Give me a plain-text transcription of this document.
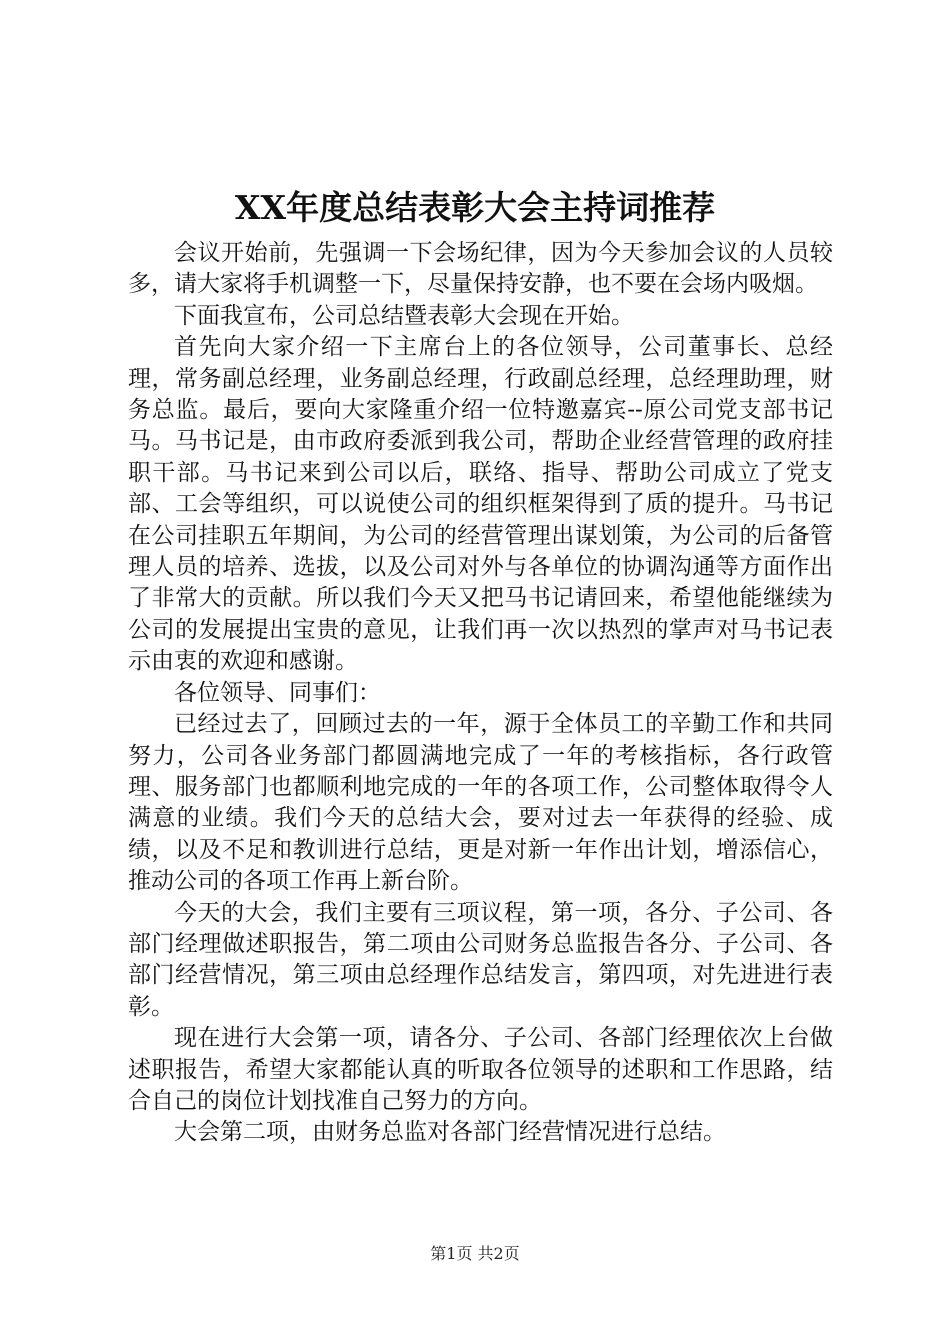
XX年度总结表彰大会主持词推荐

会议开始前，先强调一下会场纪律，因为今天参加会议的人员较多，请大家将手机调整一下，尽量保持安静，也不要在会场内吸烟。

下面我宣布，公司总结暨表彰大会现在开始。

首先向大家介绍一下主席台上的各位领导，公司董事长、总经理，常务副总经理，业务副总经理，行政副总经理，总经理助理，财务总监。最后，要向大家隆重介绍一位特邀嘉宾--原公司党支部书记马。马书记是，由市政府委派到我公司，帮助企业经营管理的政府挂职干部。马书记来到公司以后，联络、指导、帮助公司成立了党支部、工会等组织，可以说使公司的组织框架得到了质的提升。马书记在公司挂职五年期间，为公司的经营管理出谋划策，为公司的后备管理人员的培养、选拔，以及公司对外与各单位的协调沟通等方面作出了非常大的贡献。所以我们今天又把马书记请回来，希望他能继续为公司的发展提出宝贵的意见，让我们再一次以热烈的掌声对马书记表示由衷的欢迎和感谢。

各位领导、同事们：

已经过去了，回顾过去的一年，源于全体员工的辛勤工作和共同努力，公司各业务部门都圆满地完成了一年的考核指标，各行政管理、服务部门也都顺利地完成的一年的各项工作，公司整体取得令人满意的业绩。我们今天的总结大会，要对过去一年获得的经验、成绩，以及不足和教训进行总结，更是对新一年作出计划，增添信心，推动公司的各项工作再上新台阶。

今天的大会，我们主要有三项议程，第一项，各分、子公司、各部门经理做述职报告，第二项由公司财务总监报告各分、子公司、各部门经营情况，第三项由总经理作总结发言，第四项，对先进进行表彰。

现在进行大会第一项，请各分、子公司、各部门经理依次上台做述职报告，希望大家都能认真的听取各位领导的述职和工作思路，结合自己的岗位计划找准自己努力的方向。

大会第二项，由财务总监对各部门经营情况进行总结。

第1页 共2页
